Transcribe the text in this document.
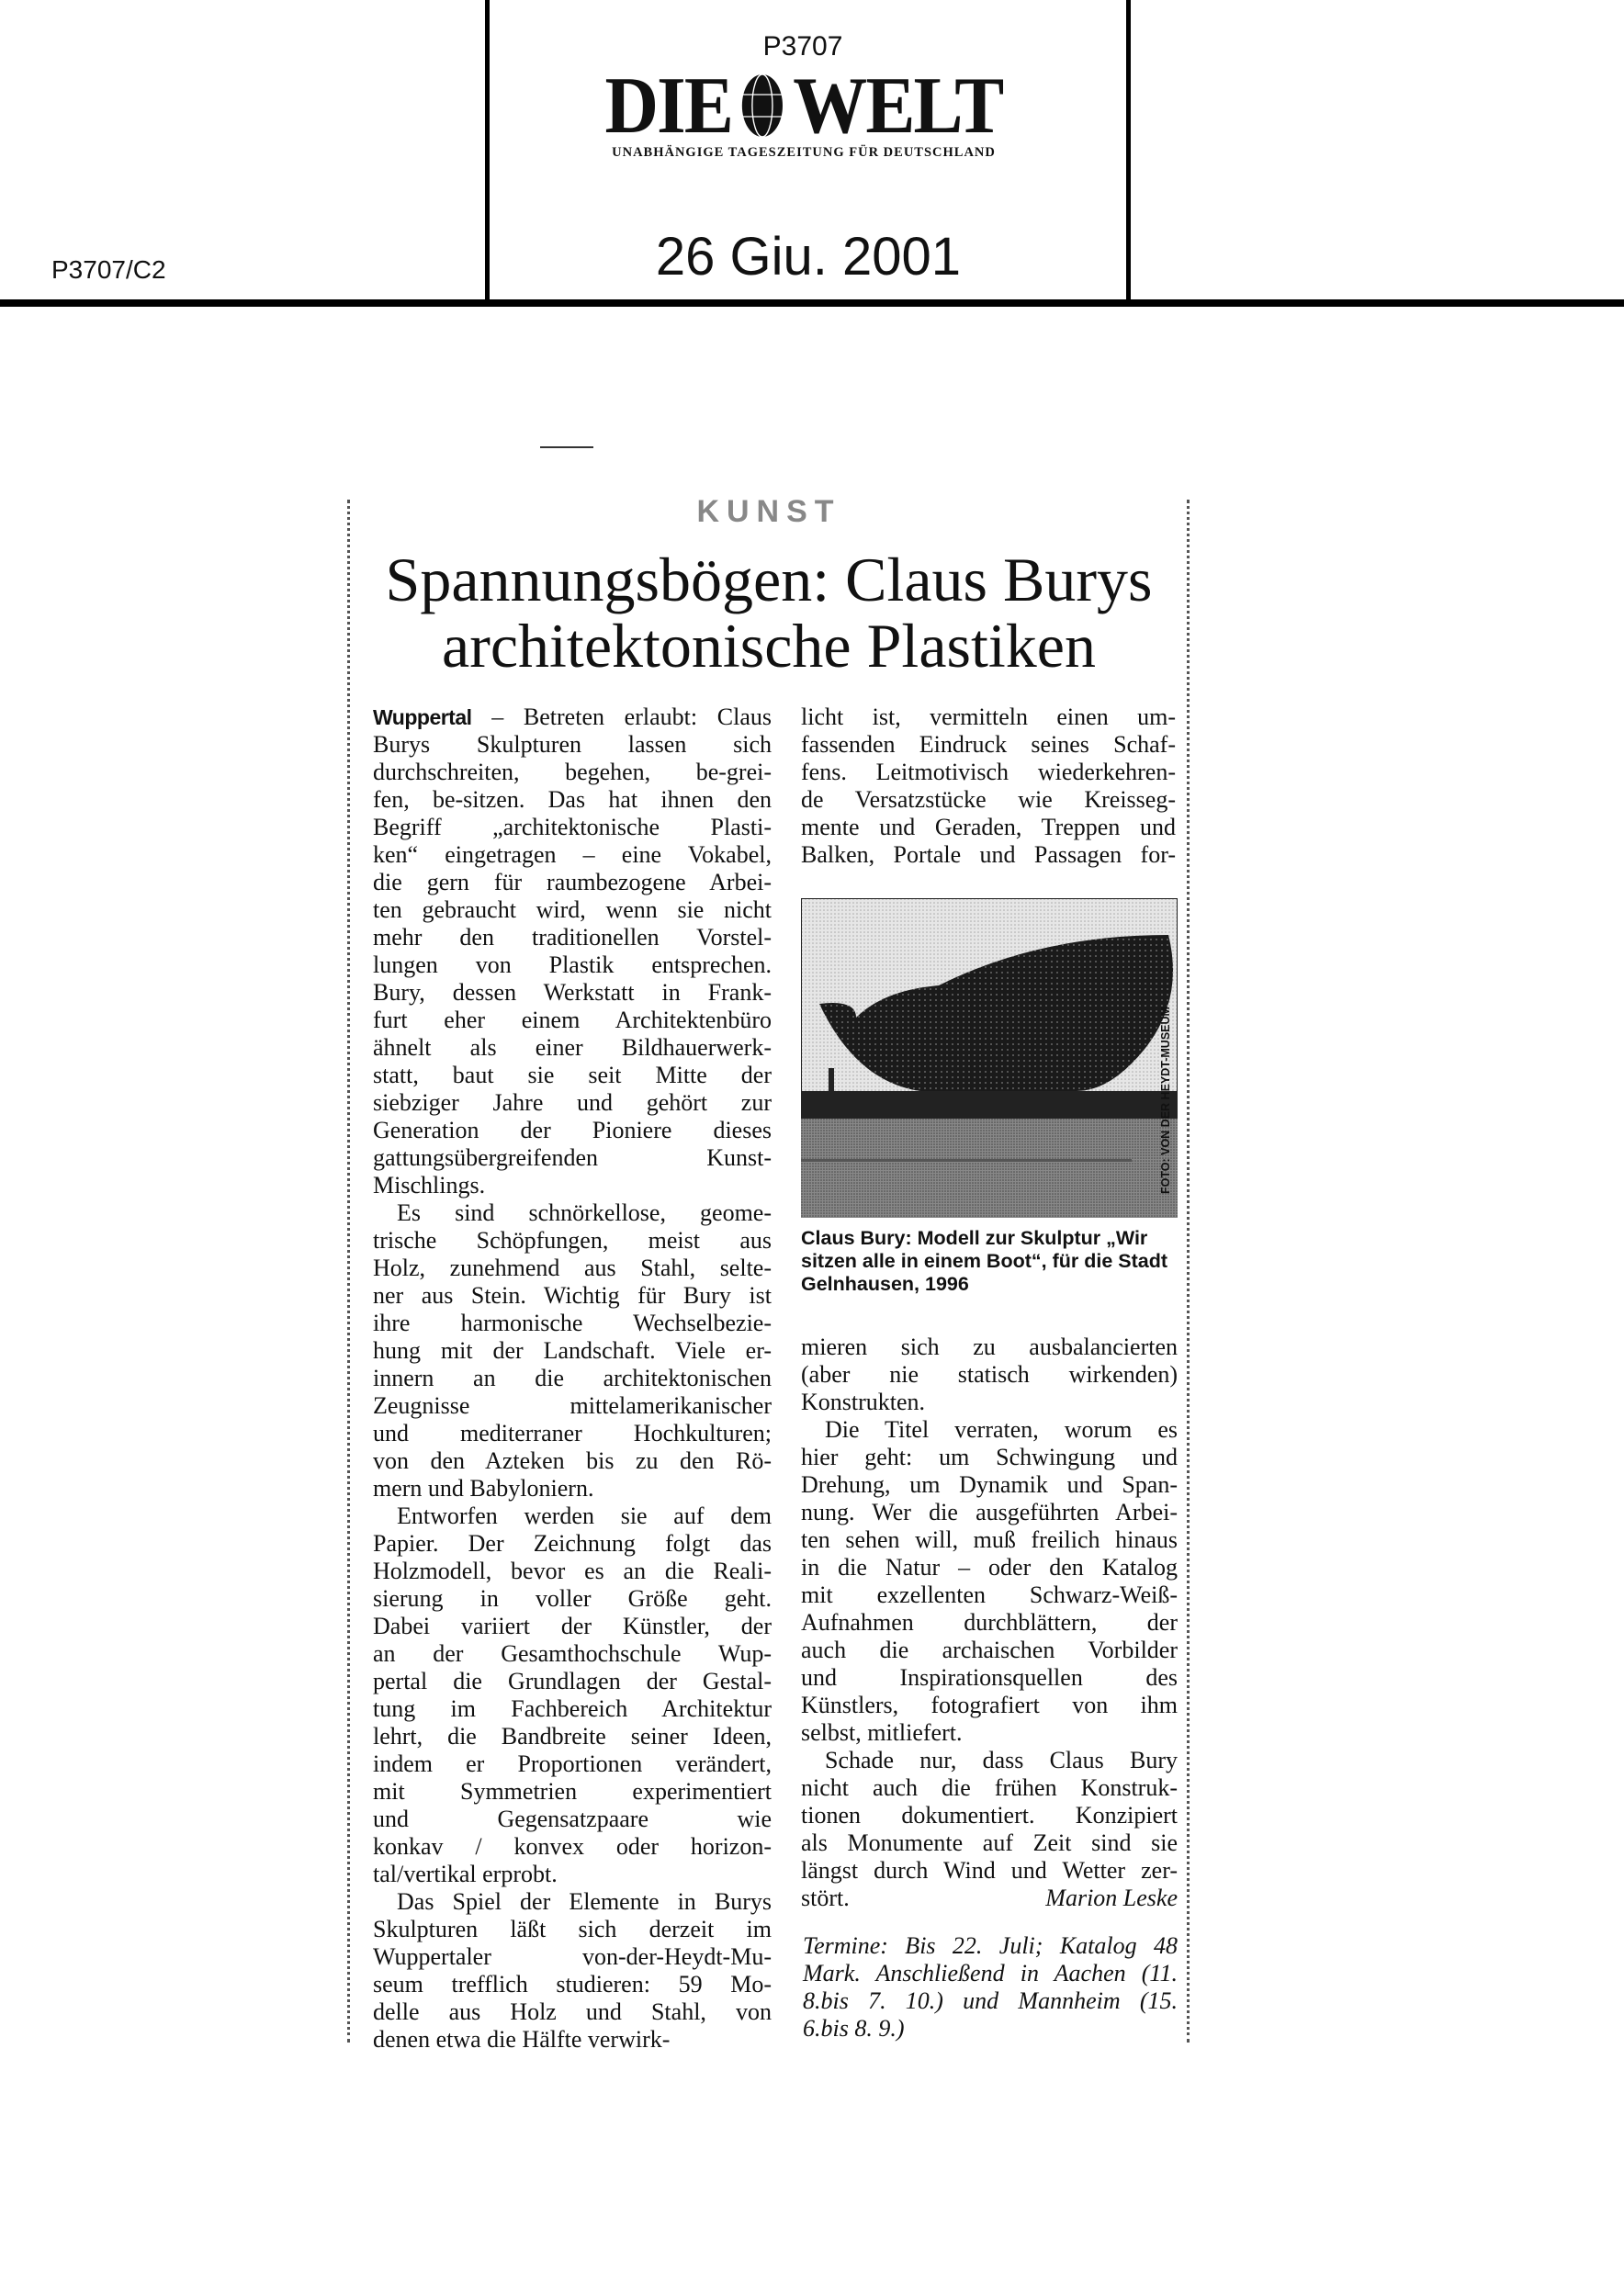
P3707
DIE WELT
UNABHÄNGIGE TAGESZEITUNG FÜR DEUTSCHLAND
26 Giu. 2001
P3707/C2
KUNST
Spannungsbögen: Claus Burys
architektonische Plastiken
Wuppertal – Betreten erlaubt: Claus
Burys Skulpturen lassen sich
durchschreiten, begehen, be-grei-
fen, be-sitzen. Das hat ihnen den
Begriff „architektonische Plasti-
ken“ eingetragen – eine Vokabel,
die gern für raumbezogene Arbei-
ten gebraucht wird, wenn sie nicht
mehr den traditionellen Vorstel-
lungen von Plastik entsprechen.
Bury, dessen Werkstatt in Frank-
furt eher einem Architektenbüro
ähnelt als einer Bildhauerwerk-
statt, baut sie seit Mitte der
siebziger Jahre und gehört zur
Generation der Pioniere dieses
gattungsübergreifenden Kunst-
Mischlings.
Es sind schnörkellose, geome-
trische Schöpfungen, meist aus
Holz, zunehmend aus Stahl, selte-
ner aus Stein. Wichtig für Bury ist
ihre harmonische Wechselbezie-
hung mit der Landschaft. Viele er-
innern an die architektonischen
Zeugnisse mittelamerikanischer
und mediterraner Hochkulturen;
von den Azteken bis zu den Rö-
mern und Babyloniern.
Entworfen werden sie auf dem
Papier. Der Zeichnung folgt das
Holzmodell, bevor es an die Reali-
sierung in voller Größe geht.
Dabei variiert der Künstler, der
an der Gesamthochschule Wup-
pertal die Grundlagen der Gestal-
tung im Fachbereich Architektur
lehrt, die Bandbreite seiner Ideen,
indem er Proportionen verändert,
mit Symmetrien experimentiert
und Gegensatzpaare wie
konkav / konvex oder horizon-
tal/vertikal erprobt.
Das Spiel der Elemente in Burys
Skulpturen läßt sich derzeit im
Wuppertaler von-der-Heydt-Mu-
seum trefflich studieren: 59 Mo-
delle aus Holz und Stahl, von
denen etwa die Hälfte verwirk-
licht ist, vermitteln einen um-
fassenden Eindruck seines Schaf-
fens. Leitmotivisch wiederkehren-
de Versatzstücke wie Kreisseg-
mente und Geraden, Treppen und
Balken, Portale und Passagen for-
FOTO: VON DER HEYDT-MUSEUM
Claus Bury: Modell zur Skulptur „Wir sitzen alle in einem Boot“, für die Stadt Gelnhausen, 1996
mieren sich zu ausbalancierten
(aber nie statisch wirkenden)
Konstrukten.
Die Titel verraten, worum es
hier geht: um Schwingung und
Drehung, um Dynamik und Span-
nung. Wer die ausgeführten Arbei-
ten sehen will, muß freilich hinaus
in die Natur – oder den Katalog
mit exzellenten Schwarz-Weiß-
Aufnahmen durchblättern, der
auch die archaischen Vorbilder
und Inspirationsquellen des
Künstlers, fotografiert von ihm
selbst, mitliefert.
Schade nur, dass Claus Bury
nicht auch die frühen Konstruk-
tionen dokumentiert. Konzipiert
als Monumente auf Zeit sind sie
längst durch Wind und Wetter zer-
stört.	Marion Leske
Termine: Bis 22. Juli; Katalog 48
Mark. Anschließend in Aachen (11.
8.bis 7. 10.) und Mannheim (15.
6.bis 8. 9.)
